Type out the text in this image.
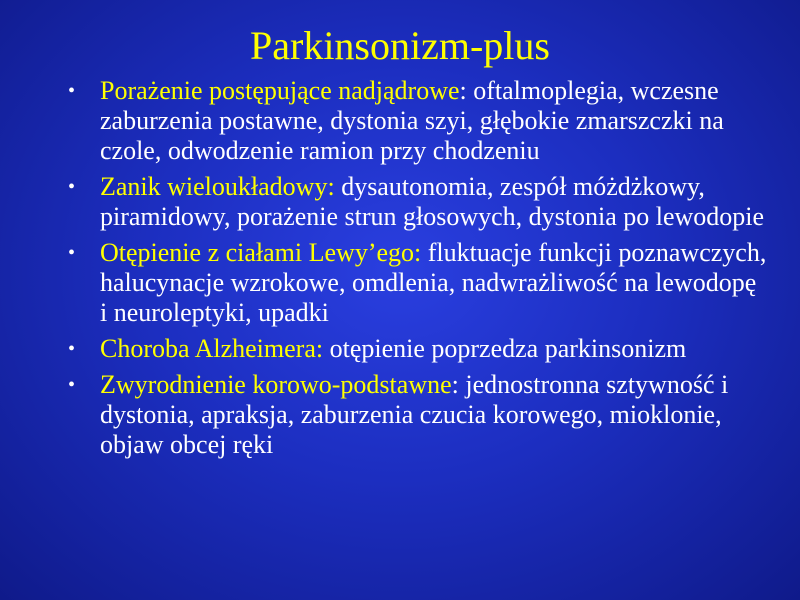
Parkinsonizm-plus
• Porażenie postępujące nadjądrowe: oftalmoplegia, wczesne zaburzenia postawne, dystonia szyi, głębokie zmarszczki na czole, odwodzenie ramion przy chodzeniu
• Zanik wieloukładowy: dysautonomia, zespół móżdżkowy, piramidowy, porażenie strun głosowych, dystonia po lewodopie
• Otępienie z ciałami Lewy’ego: fluktuacje funkcji poznawczych, halucynacje wzrokowe, omdlenia, nadwrażliwość na lewodopę i neuroleptyki, upadki
• Choroba Alzheimera: otępienie poprzedza parkinsonizm
• Zwyrodnienie korowo-podstawne: jednostronna sztywność i dystonia, apraksja, zaburzenia czucia korowego, mioklonie, objaw obcej ręki
